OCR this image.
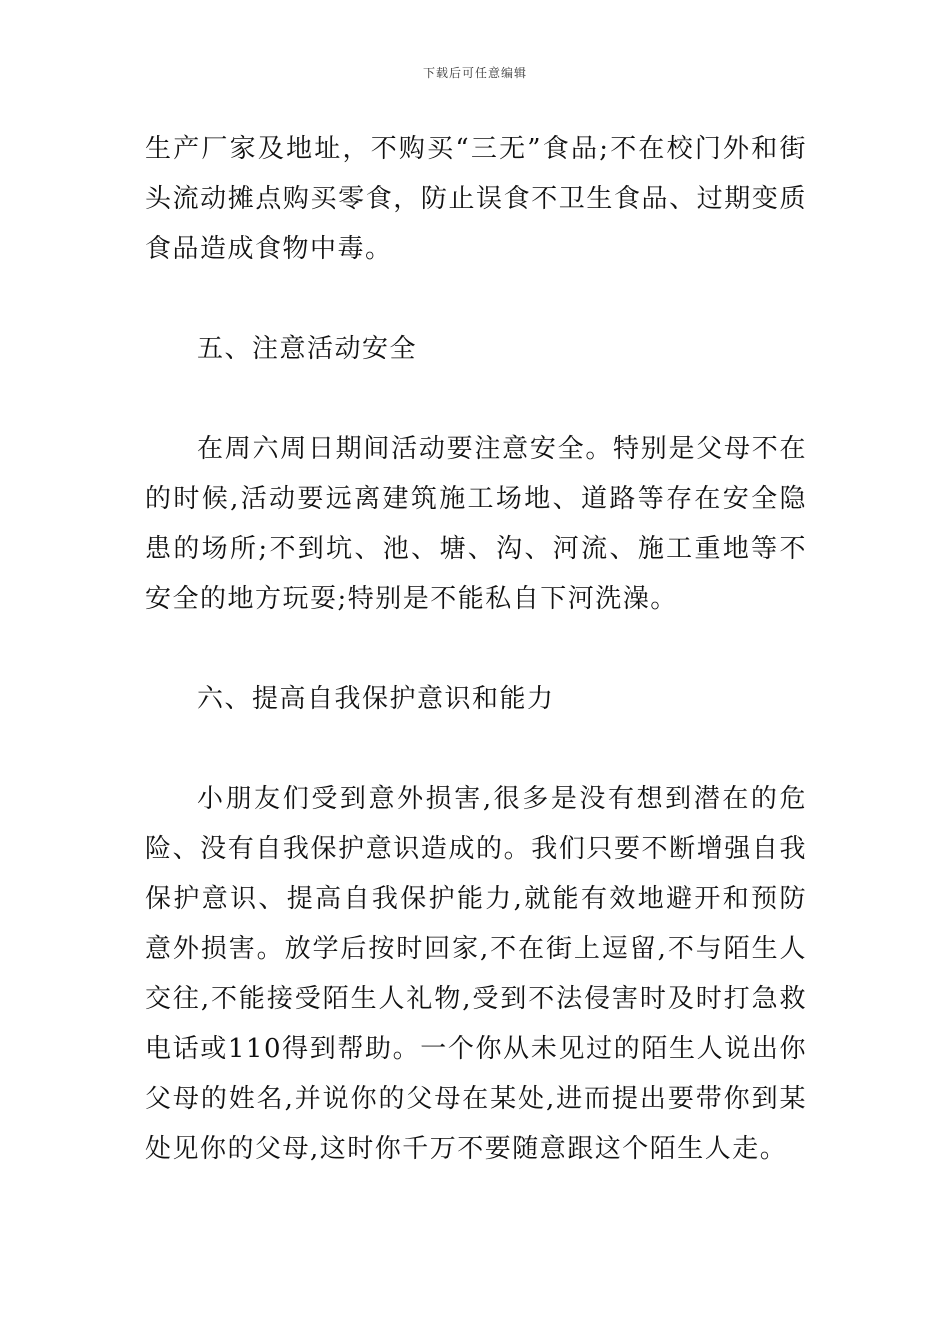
下载后可任意编辑

生产厂家及地址，不购买“三无”食品;不在校门外和街头流动摊点购买零食，防止误食不卫生食品、过期变质食品造成食物中毒。

五、注意活动安全

在周六周日期间活动要注意安全。特别是父母不在的时候,活动要远离建筑施工场地、道路等存在安全隐患的场所;不到坑、池、塘、沟、河流、施工重地等不安全的地方玩耍;特别是不能私自下河洗澡。

六、提高自我保护意识和能力

小朋友们受到意外损害,很多是没有想到潜在的危险、没有自我保护意识造成的。我们只要不断增强自我保护意识、提高自我保护能力,就能有效地避开和预防意外损害。放学后按时回家,不在街上逗留,不与陌生人交往,不能接受陌生人礼物,受到不法侵害时及时打急救电话或110得到帮助。一个你从未见过的陌生人说出你父母的姓名,并说你的父母在某处,进而提出要带你到某处见你的父母,这时你千万不要随意跟这个陌生人走。
